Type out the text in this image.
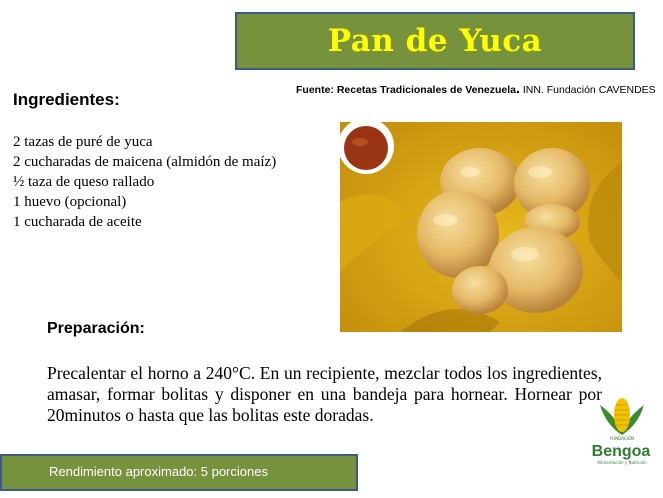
Pan de Yuca
Fuente: Recetas Tradicionales de Venezuela. INN. Fundación CAVENDES
Ingredientes:
2 tazas de puré de yuca
2 cucharadas de maicena (almidón de maíz)
½ taza de queso rallado
1 huevo (opcional)
1 cucharada de aceite
Preparación:

Precalentar el horno a 240°C. En un recipiente, mezclar todos los ingredientes, amasar, formar bolitas y disponer en una bandeja para hornear. Hornear por 20minutos o hasta que las bolitas este doradas.

Rendimiento aproximado: 5 porciones
FUNDACIÓN
Bengoa
Alimentación y Nutrición
